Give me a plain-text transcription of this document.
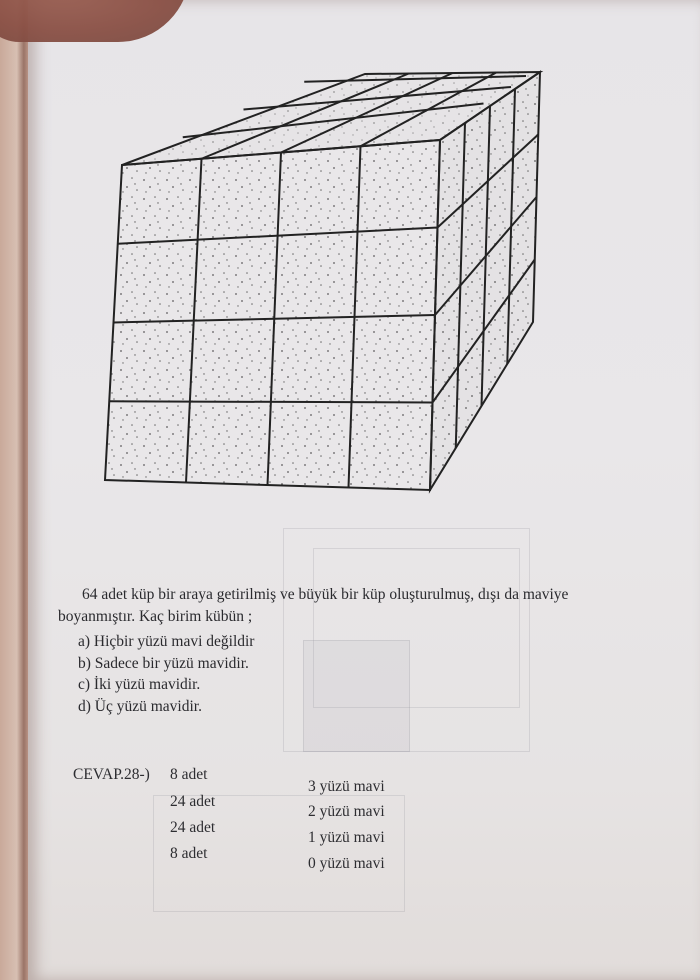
64 adet küp bir araya getirilmiş ve büyük bir küp oluşturulmuş, dışı da maviye
boyanmıştır. Kaç birim kübün ;
a) Hiçbir yüzü mavi değildir
b) Sadece bir yüzü mavidir.
c) İki yüzü mavidir.
d) Üç yüzü mavidir.
CEVAP.28-) 8 adet
3 yüzü mavi
24 adet
2 yüzü mavi
24 adet
1 yüzü mavi
8 adet
0 yüzü mavi
